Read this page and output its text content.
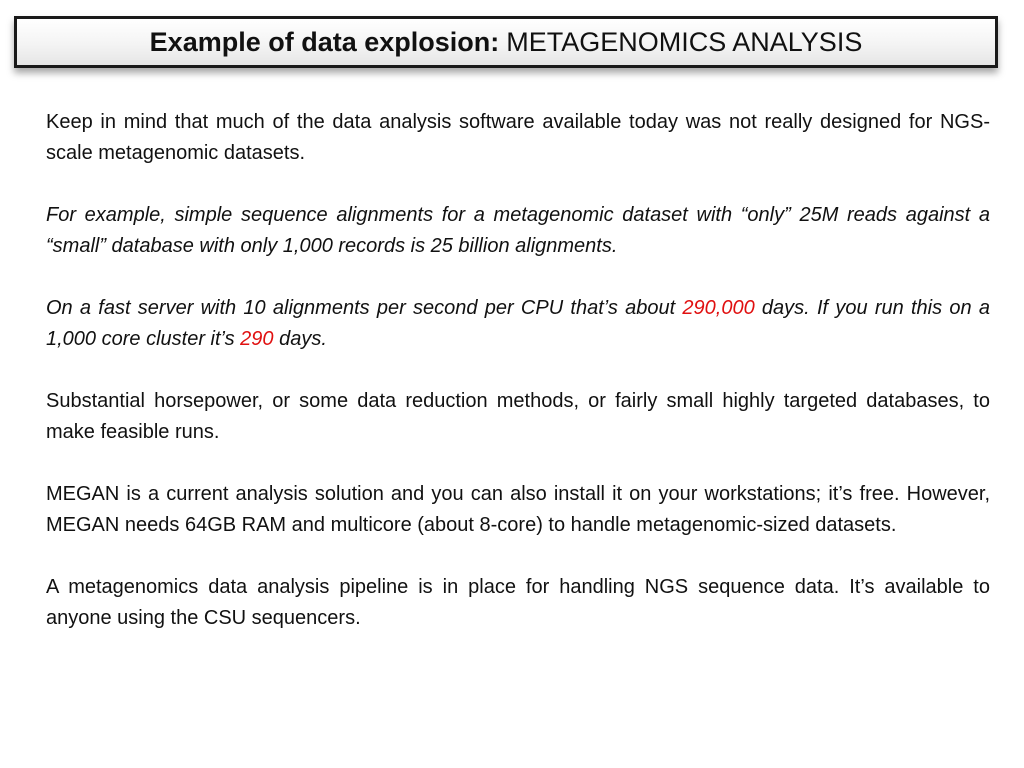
Example of data explosion: METAGENOMICS ANALYSIS

Keep in mind that much of the data analysis software available today was not really designed for NGS-scale metagenomic datasets.

For example, simple sequence alignments for a metagenomic dataset with “only” 25M reads against a “small” database with only 1,000 records is 25 billion alignments.

On a fast server with 10 alignments per second per CPU that’s about 290,000 days. If you run this on a 1,000 core cluster it’s 290 days.

Substantial horsepower, or some data reduction methods, or fairly small highly targeted databases, to make feasible runs.

MEGAN is a current analysis solution and you can also install it on your workstations; it’s free. However, MEGAN needs 64GB RAM and multicore (about 8-core) to handle metagenomic-sized datasets.

A metagenomics data analysis pipeline is in place for handling NGS sequence data. It’s available to anyone using the CSU sequencers.
